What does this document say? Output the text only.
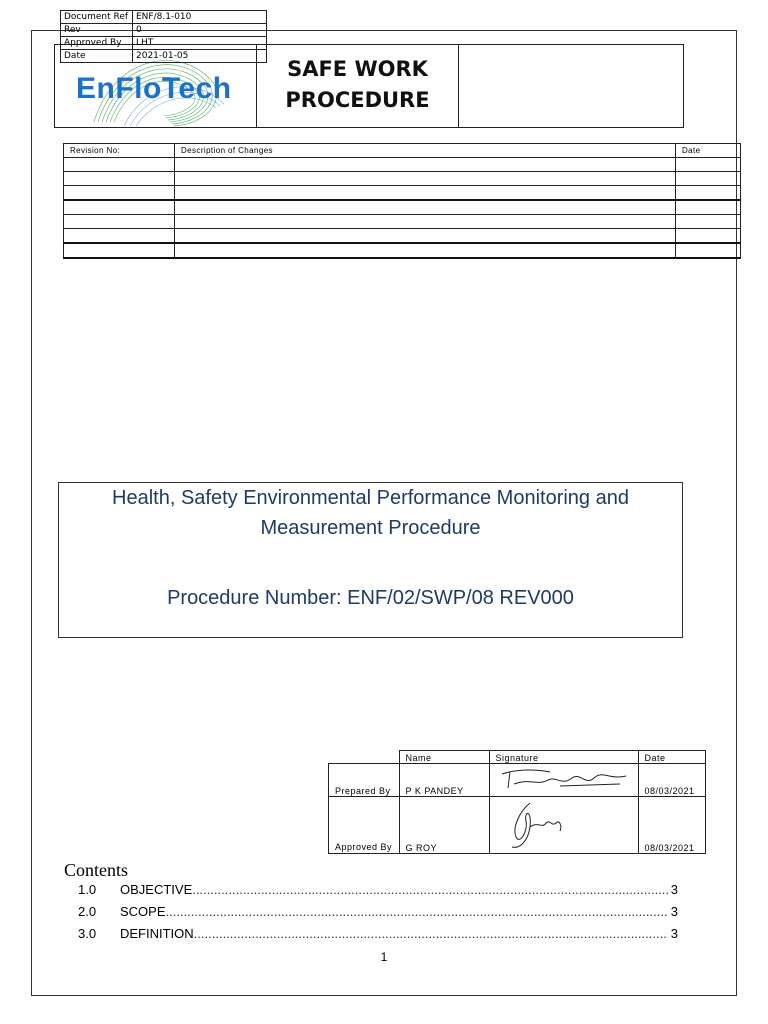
EnFloTech
SAFE WORK
PROCEDURE
Document Ref	ENF/8.1-010
Rev	0
Approved By	LHT
Date	2021-01-05
Revision No:	Description of Changes	Date

Health, Safety Environmental Performance Monitoring and
Measurement Procedure
Procedure Number: ENF/02/SWP/08 REV000
	Name	Signature	Date
Prepared By	P K PANDEY		08/03/2021
Approved By	G ROY		08/03/2021
Contents
1.0	OBJECTIVE .....	3
2.0	SCOPE .....	3
3.0	DEFINITION .....	3
1
